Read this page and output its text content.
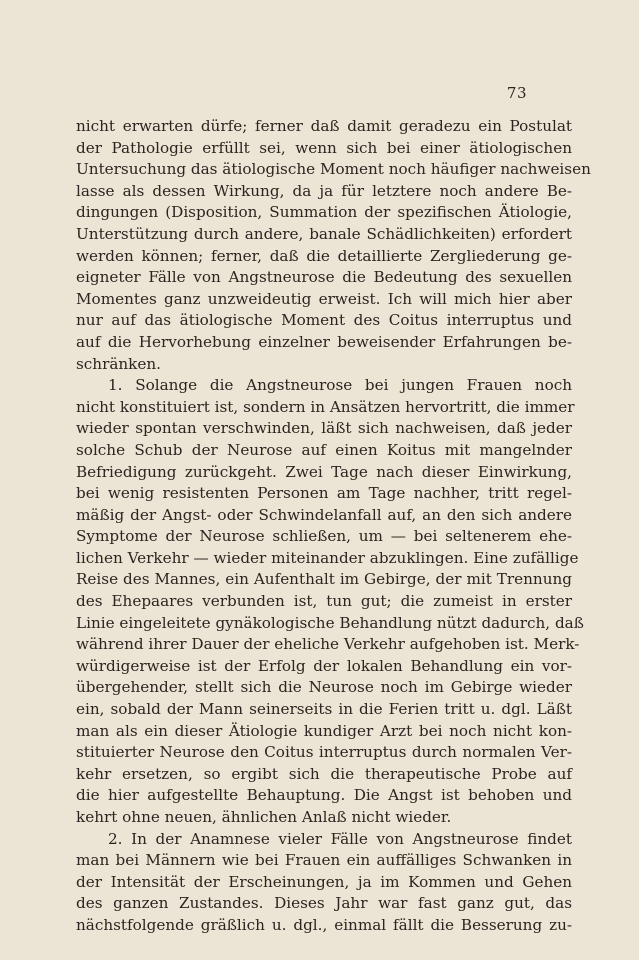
73
nicht erwarten dürfe; ferner daß damit geradezu ein Postulat
der Pathologie erfüllt sei, wenn sich bei einer ätiologischen
Untersuchung das ätiologische Moment noch häufiger nachweisen
lasse als dessen Wirkung, da ja für letztere noch andere Be-
dingungen (Disposition, Summation der spezifischen Ätiologie,
Unterstützung durch andere, banale Schädlichkeiten) erfordert
werden können; ferner, daß die detaillierte Zergliederung ge-
eigneter Fälle von Angstneurose die Bedeutung des sexuellen
Momentes ganz unzweideutig erweist. Ich will mich hier aber
nur auf das ätiologische Moment des Coitus interruptus und
auf die Hervorhebung einzelner beweisender Erfahrungen be-
schränken.
1. Solange die Angstneurose bei jungen Frauen noch
nicht konstituiert ist, sondern in Ansätzen hervortritt, die immer
wieder spontan verschwinden, läßt sich nachweisen, daß jeder
solche Schub der Neurose auf einen Koitus mit mangelnder
Befriedigung zurückgeht. Zwei Tage nach dieser Einwirkung,
bei wenig resistenten Personen am Tage nachher, tritt regel-
mäßig der Angst- oder Schwindelanfall auf, an den sich andere
Symptome der Neurose schließen, um — bei seltenerem ehe-
lichen Verkehr — wieder miteinander abzuklingen. Eine zufällige
Reise des Mannes, ein Aufenthalt im Gebirge, der mit Trennung
des Ehepaares verbunden ist, tun gut; die zumeist in erster
Linie eingeleitete gynäkologische Behandlung nützt dadurch, daß
während ihrer Dauer der eheliche Verkehr aufgehoben ist. Merk-
würdigerweise ist der Erfolg der lokalen Behandlung ein vor-
übergehender, stellt sich die Neurose noch im Gebirge wieder
ein, sobald der Mann seinerseits in die Ferien tritt u. dgl. Läßt
man als ein dieser Ätiologie kundiger Arzt bei noch nicht kon-
stituierter Neurose den Coitus interruptus durch normalen Ver-
kehr ersetzen, so ergibt sich die therapeutische Probe auf
die hier aufgestellte Behauptung. Die Angst ist behoben und
kehrt ohne neuen, ähnlichen Anlaß nicht wieder.
2. In der Anamnese vieler Fälle von Angstneurose findet
man bei Männern wie bei Frauen ein auffälliges Schwanken in
der Intensität der Erscheinungen, ja im Kommen und Gehen
des ganzen Zustandes. Dieses Jahr war fast ganz gut, das
nächstfolgende gräßlich u. dgl., einmal fällt die Besserung zu-
